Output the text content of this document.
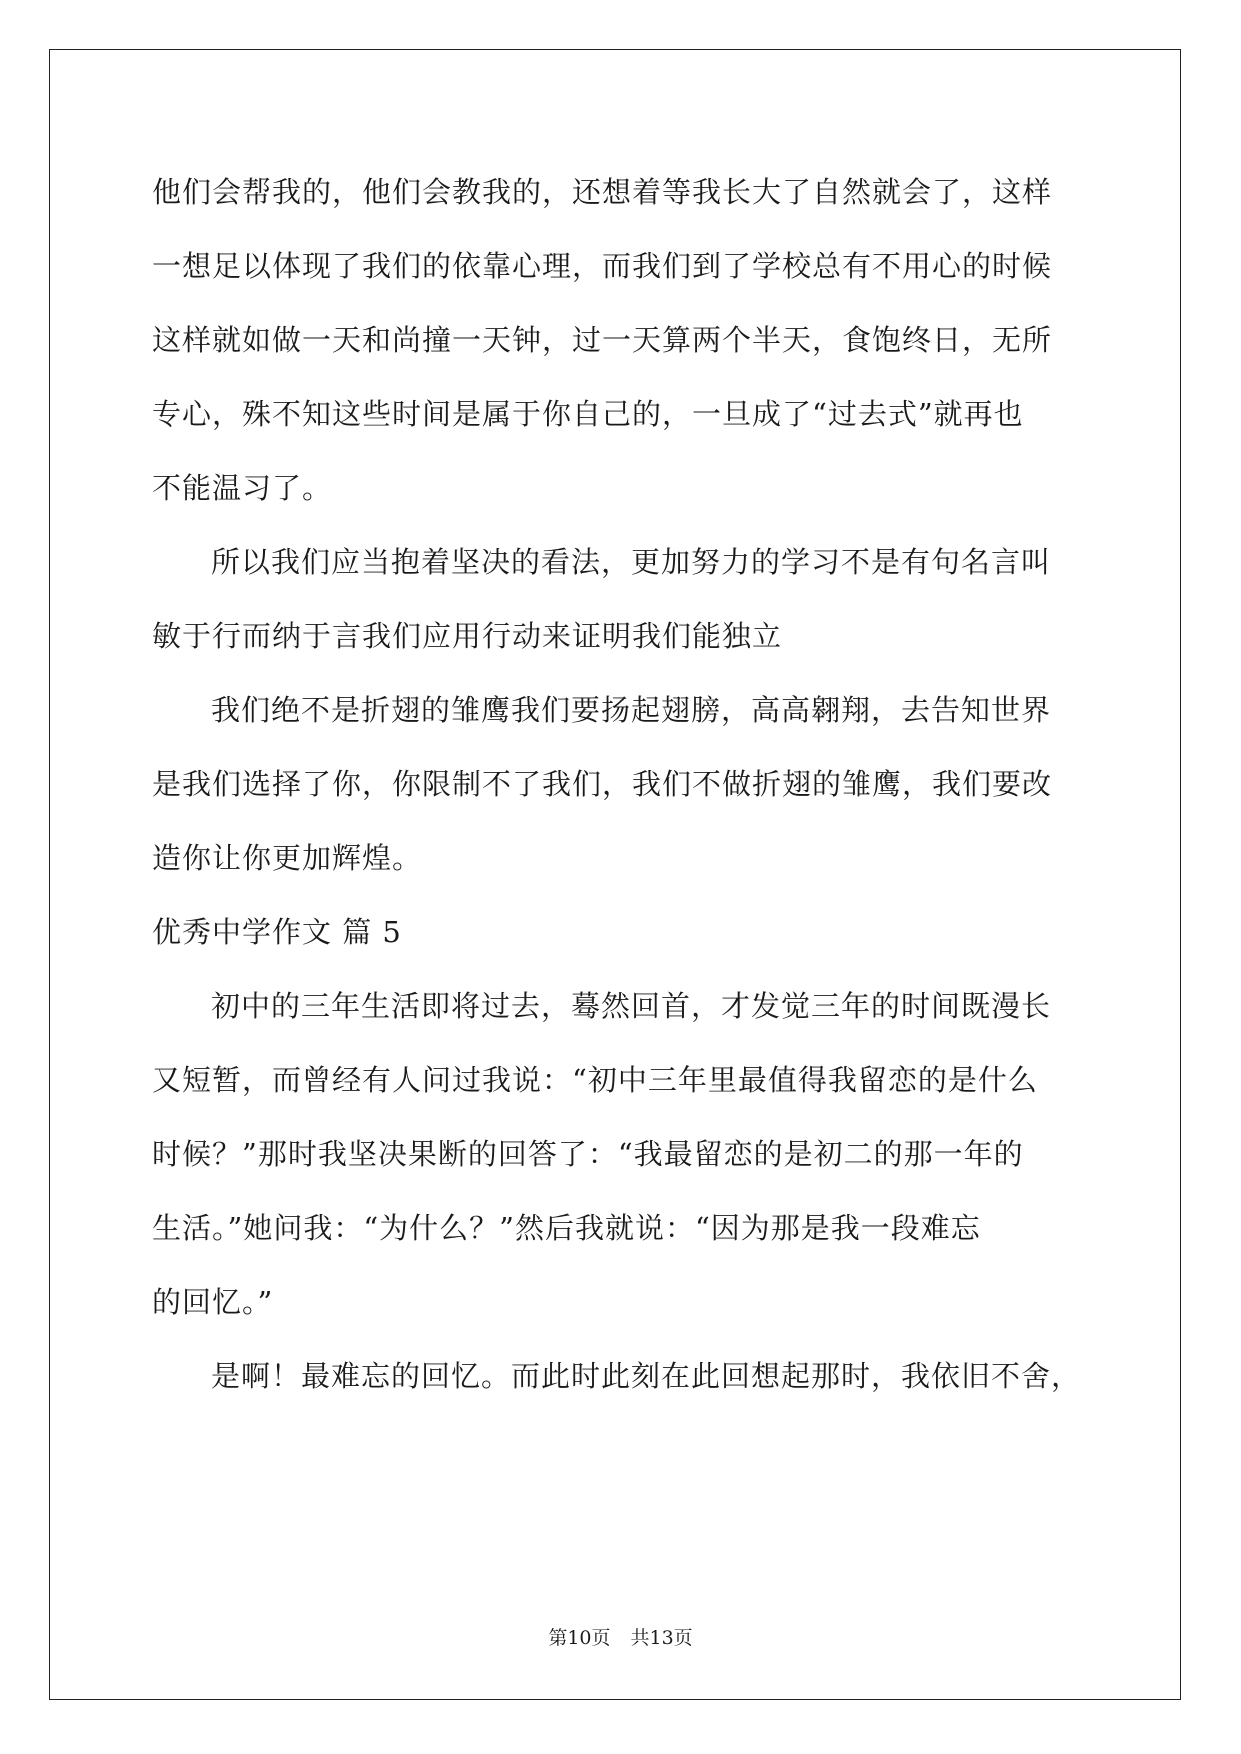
他们会帮我的，他们会教我的，还想着等我长大了自然就会了，这样
一想足以体现了我们的依靠心理，而我们到了学校总有不用心的时候
这样就如做一天和尚撞一天钟，过一天算两个半天，食饱终日，无所
专心，殊不知这些时间是属于你自己的，一旦成了“过去式”就再也
不能温习了。
所以我们应当抱着坚决的看法，更加努力的学习不是有句名言叫
敏于行而纳于言我们应用行动来证明我们能独立
我们绝不是折翅的雏鹰我们要扬起翅膀，高高翱翔，去告知世界
是我们选择了你，你限制不了我们，我们不做折翅的雏鹰，我们要改
造你让你更加辉煌。
优秀中学作文 篇 5
初中的三年生活即将过去，蓦然回首，才发觉三年的时间既漫长
又短暂，而曾经有人问过我说：“初中三年里最值得我留恋的是什么
时候？”那时我坚决果断的回答了：“我最留恋的是初二的那一年的
生活。”她问我：“为什么？”然后我就说：“因为那是我一段难忘
的回忆。”
是啊！最难忘的回忆。而此时此刻在此回想起那时，我依旧不舍，
第10页 共13页
